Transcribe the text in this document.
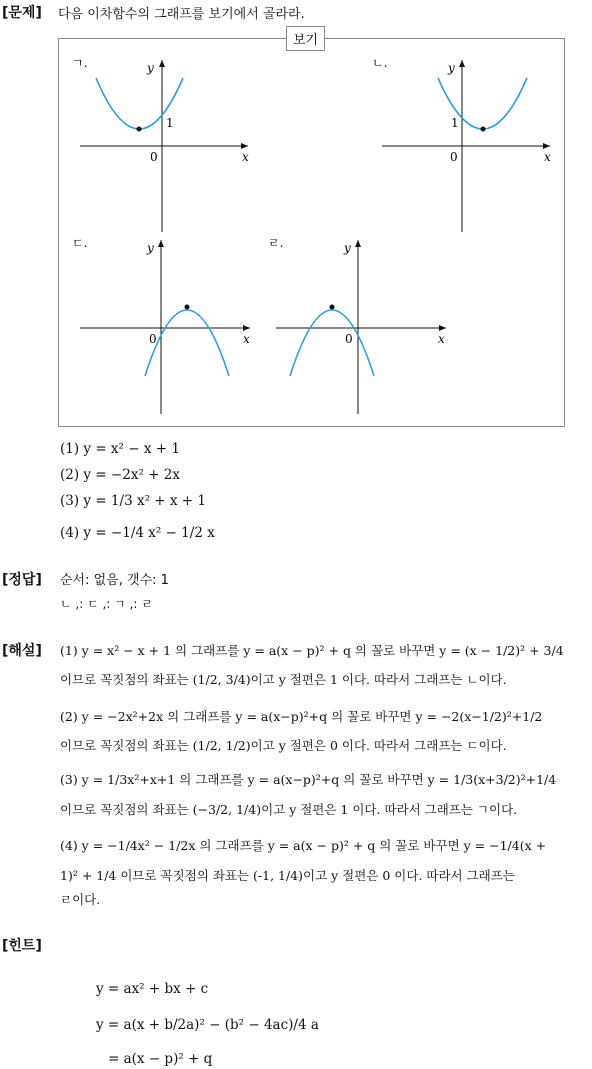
[문제] 다음 이차함수의 그래프를 보기에서 골라라.
보기
ㄱ.
x
y
0
1
ㄴ.
x
y
0
1
ㄷ.
x
y
0
ㄹ.
x
y
0
(1) y = x² − x + 1
(2) y = −2x² + 2x
(3) y = 1/3 x² + x + 1
(4) y = −1/4 x² − 1/2 x
[정답] 순서: 없음, 갯수: 1
ㄴ ,: ㄷ ,: ㄱ ,: ㄹ
[해설] (1) y = x² − x + 1 의 그래프를 y = a(x − p)² + q 의 꼴로 바꾸면 y = (x − 1/2)² + 3/4
이므로 꼭짓점의 좌표는 (1/2, 3/4)이고 y 절편은 1 이다. 따라서 그래프는 ㄴ이다.
(2) y = −2x²+2x 의 그래프를 y = a(x−p)²+q 의 꼴로 바꾸면 y = −2(x−1/2)²+1/2
이므로 꼭짓점의 좌표는 (1/2, 1/2)이고 y 절편은 0 이다. 따라서 그래프는 ㄷ이다.
(3) y = 1/3x²+x+1 의 그래프를 y = a(x−p)²+q 의 꼴로 바꾸면 y = 1/3(x+3/2)²+1/4
이므로 꼭짓점의 좌표는 (−3/2, 1/4)이고 y 절편은 1 이다. 따라서 그래프는 ㄱ이다.
(4) y = −1/4x² − 1/2x 의 그래프를 y = a(x − p)² + q 의 꼴로 바꾸면 y = −1/4(x +
1)² + 1/4 이므로 꼭짓점의 좌표는 (-1, 1/4)이고 y 절편은 0 이다. 따라서 그래프는
ㄹ이다.
[힌트]
y = ax² + bx + c
y = a(x + b/2a)² − (b² − 4ac)/4 a
= a(x − p)² + q
